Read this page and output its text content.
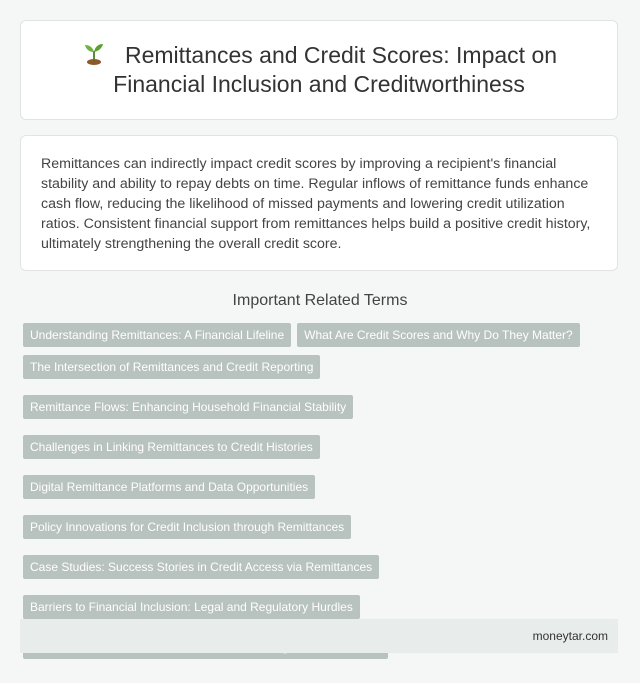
Remittances and Credit Scores: Impact on Financial Inclusion and Creditworthiness

Remittances can indirectly impact credit scores by improving a recipient's financial stability and ability to repay debts on time. Regular inflows of remittance funds enhance cash flow, reducing the likelihood of missed payments and lowering credit utilization ratios. Consistent financial support from remittances helps build a positive credit history, ultimately strengthening the overall credit score.

Important Related Terms
Understanding Remittances: A Financial Lifeline	What Are Credit Scores and Why Do They Matter?
The Intersection of Remittances and Credit Reporting
Remittance Flows: Enhancing Household Financial Stability
Challenges in Linking Remittances to Credit Histories
Digital Remittance Platforms and Data Opportunities
Policy Innovations for Credit Inclusion through Remittances
Case Studies: Success Stories in Credit Access via Remittances
Barriers to Financial Inclusion: Legal and Regulatory Hurdles
moneytar.com
